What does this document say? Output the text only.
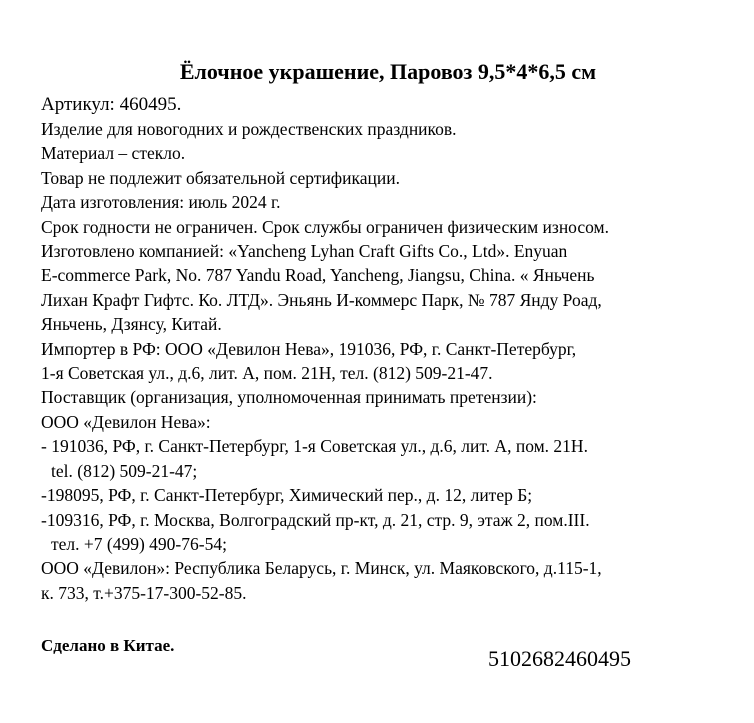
Ёлочное украшение, Паровоз 9,5*4*6,5 см
Артикул: 460495.
Изделие для новогодних и рождественских праздников.
Материал – стекло.
Товар не подлежит обязательной сертификации.
Дата изготовления: июль 2024 г.
Срок годности не ограничен. Срок службы ограничен физическим износом.
Изготовлено компанией: «Yancheng Lyhan Craft Gifts Co., Ltd». Enyuan
E-commerce Park, No. 787 Yandu Road, Yancheng, Jiangsu, China. « Яньчень
Лихан Крафт Гифтс. Ко. ЛТД». Эньянь И-коммерс Парк, № 787 Янду Роад,
Яньчень, Дзянсу, Китай.
Импортер в РФ: ООО «Девилон Нева», 191036, РФ, г. Санкт-Петербург,
1-я Советская ул., д.6, лит. А, пом. 21Н, тел. (812) 509-21-47.
Поставщик (организация, уполномоченная принимать претензии):
ООО «Девилон Нева»:
- 191036, РФ, г. Санкт-Петербург, 1-я Советская ул., д.6, лит. А, пом. 21Н.
tel. (812) 509-21-47;
-198095, РФ, г. Санкт-Петербург, Химический пер., д. 12, литер Б;
-109316, РФ, г. Москва, Волгоградский пр-кт, д. 21, стр. 9, этаж 2, пом.III.
тел. +7 (499) 490-76-54;
ООО «Девилон»: Республика Беларусь, г. Минск, ул. Маяковского, д.115-1,
к. 733, т.+375-17-300-52-85.
Сделано в Китае.
5102682460495
